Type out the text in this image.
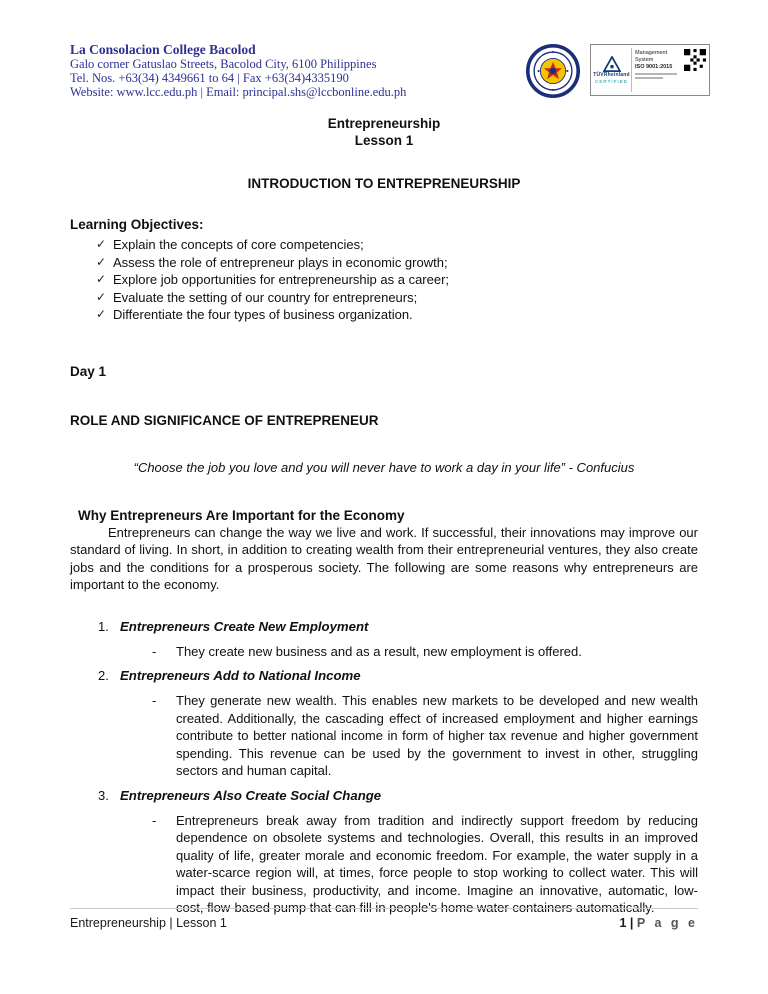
La Consolacion College Bacolod
Galo corner Gatuslao Streets, Bacolod City, 6100 Philippines
Tel. Nos. +63(34) 4349661 to 64 | Fax +63(34)4335190
Website: www.lcc.edu.ph | Email: principal.shs@lccbonline.edu.ph
TÜVRheinland
CERTIFIED
Management System
ISO 9001:2015
Entrepreneurship
Lesson 1
INTRODUCTION TO ENTREPRENEURSHIP
Learning Objectives:
✓ Explain the concepts of core competencies;
✓ Assess the role of entrepreneur plays in economic growth;
✓ Explore job opportunities for entrepreneurship as a career;
✓ Evaluate the setting of our country for entrepreneurs;
✓ Differentiate the four types of business organization.
Day 1
ROLE AND SIGNIFICANCE OF ENTREPRENEUR
“Choose the job you love and you will never have to work a day in your life” - Confucius
Why Entrepreneurs Are Important for the Economy
Entrepreneurs can change the way we live and work. If successful, their innovations may improve our standard of living. In short, in addition to creating wealth from their entrepreneurial ventures, they also create jobs and the conditions for a prosperous society. The following are some reasons why entrepreneurs are important to the economy.
1. Entrepreneurs Create New Employment
-	They create new business and as a result, new employment is offered.
2. Entrepreneurs Add to National Income
-	They generate new wealth. This enables new markets to be developed and new wealth created. Additionally, the cascading effect of increased employment and higher earnings contribute to better national income in form of higher tax revenue and higher government spending. This revenue can be used by the government to invest in other, struggling sectors and human capital.
3. Entrepreneurs Also Create Social Change
-	Entrepreneurs break away from tradition and indirectly support freedom by reducing dependence on obsolete systems and technologies. Overall, this results in an improved quality of life, greater morale and economic freedom. For example, the water supply in a water-scarce region will, at times, force people to stop working to collect water. This will impact their business, productivity, and income. Imagine an innovative, automatic, low-cost, flow-based pump that can fill in people's home water containers automatically.
Entrepreneurship | Lesson 1	1 | P a g e
